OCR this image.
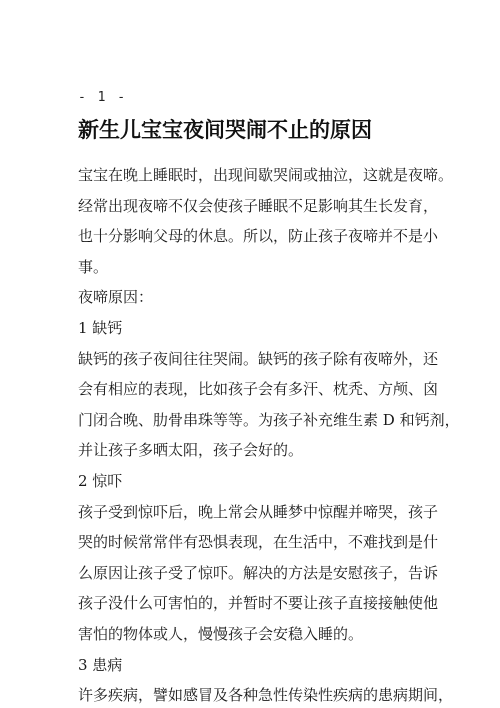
- 1 -
新生儿宝宝夜间哭闹不止的原因
宝宝在晚上睡眠时，出现间歇哭闹或抽泣，这就是夜啼。
经常出现夜啼不仅会使孩子睡眠不足影响其生长发育，
也十分影响父母的休息。所以，防止孩子夜啼并不是小
事。
夜啼原因：
1 缺钙
缺钙的孩子夜间往往哭闹。缺钙的孩子除有夜啼外，还
会有相应的表现，比如孩子会有多汗、枕秃、方颅、囟
门闭合晚、肋骨串珠等等。为孩子补充维生素 D 和钙剂，
并让孩子多晒太阳，孩子会好的。
2 惊吓
孩子受到惊吓后，晚上常会从睡梦中惊醒并啼哭，孩子
哭的时候常常伴有恐惧表现，在生活中，不难找到是什
么原因让孩子受了惊吓。解决的方法是安慰孩子，告诉
孩子没什么可害怕的，并暂时不要让孩子直接接触使他
害怕的物体或人，慢慢孩子会安稳入睡的。
3 患病
许多疾病，譬如感冒及各种急性传染性疾病的患病期间，
